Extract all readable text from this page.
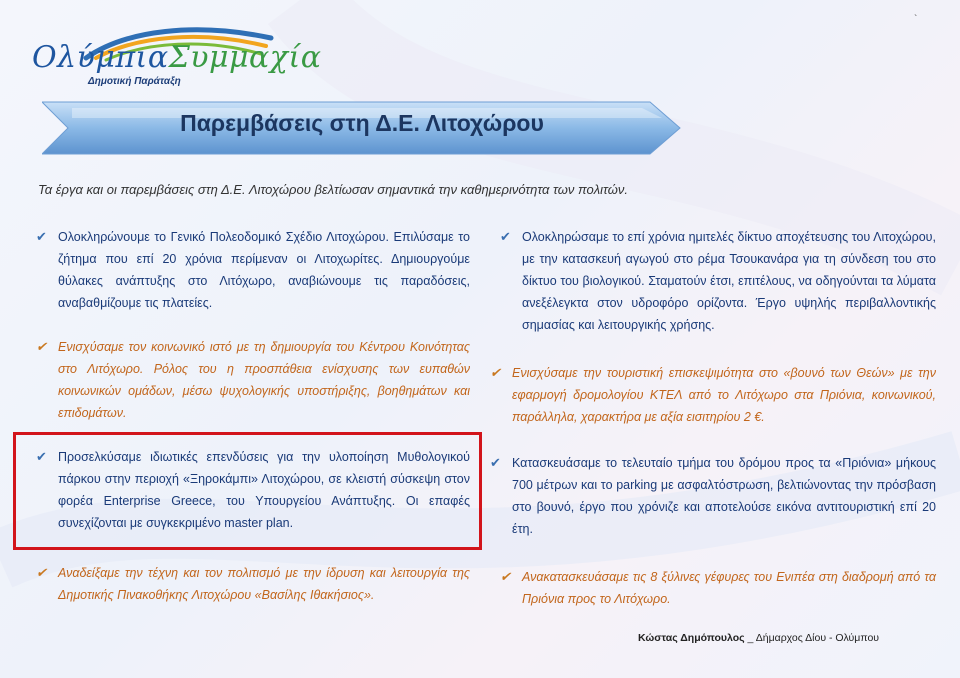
`
ΟλύμπιαΣυμμαχία
Δημοτική Παράταξη
Παρεμβάσεις στη Δ.Ε. Λιτοχώρου
Τα έργα και οι παρεμβάσεις στη Δ.Ε. Λιτοχώρου βελτίωσαν σημαντικά την καθημερινότητα των πολιτών.
✔ Ολοκληρώνουμε το Γενικό Πολεοδομικό Σχέδιο Λιτοχώρου. Επιλύσαμε το ζήτημα που επί 20 χρόνια περίμεναν οι Λιτοχωρίτες. Δημιουργούμε θύλακες ανάπτυξης στο Λιτόχωρο, αναβιώνουμε τις παραδόσεις, αναβαθμίζουμε τις πλατείες.
✔ Ενισχύσαμε τον κοινωνικό ιστό με τη δημιουργία του Κέντρου Κοινότητας στο Λιτόχωρο. Ρόλος του η προσπάθεια ενίσχυσης των ευπαθών κοινωνικών ομάδων, μέσω ψυχολογικής υποστήριξης, βοηθημάτων και επιδομάτων.
✔ Προσελκύσαμε ιδιωτικές επενδύσεις για την υλοποίηση Μυθολογικού πάρκου στην περιοχή «Ξηροκάμπι» Λιτοχώρου, σε κλειστή σύσκεψη στον φορέα Enterprise Greece, του Υπουργείου Ανάπτυξης. Οι επαφές συνεχίζονται με συγκεκριμένο master plan.
✔ Αναδείξαμε την τέχνη και τον πολιτισμό με την ίδρυση και λειτουργία της Δημοτικής Πινακοθήκης Λιτοχώρου «Βασίλης Ιθακήσιος».
✔ Ολοκληρώσαμε το επί χρόνια ημιτελές δίκτυο αποχέτευσης του Λιτοχώρου, με την κατασκευή αγωγού στο ρέμα Τσουκανάρα για τη σύνδεση του στο δίκτυο του βιολογικού. Σταματούν έτσι, επιτέλους, να οδηγούνται τα λύματα ανεξέλεγκτα στον υδροφόρο ορίζοντα. Έργο υψηλής περιβαλλοντικής σημασίας και λειτουργικής χρήσης.
✔ Ενισχύσαμε την τουριστική επισκεψιμότητα στο «βουνό των Θεών» με την εφαρμογή δρομολογίου ΚΤΕΛ από το Λιτόχωρο στα Πριόνια, κοινωνικού, παράλληλα, χαρακτήρα με αξία εισιτηρίου 2 €.
✔ Κατασκευάσαμε το τελευταίο τμήμα του δρόμου προς τα «Πριόνια» μήκους 700 μέτρων και το parking με ασφαλτόστρωση, βελτιώνοντας την πρόσβαση στο βουνό, έργο που χρόνιζε και αποτελούσε εικόνα αντιτουριστική επί 20 έτη.
✔ Ανακατασκευάσαμε τις 8 ξύλινες γέφυρες του Ενιπέα στη διαδρομή από τα Πριόνια προς το Λιτόχωρο.
Κώστας Δημόπουλος _ Δήμαρχος Δίου - Ολύμπου
